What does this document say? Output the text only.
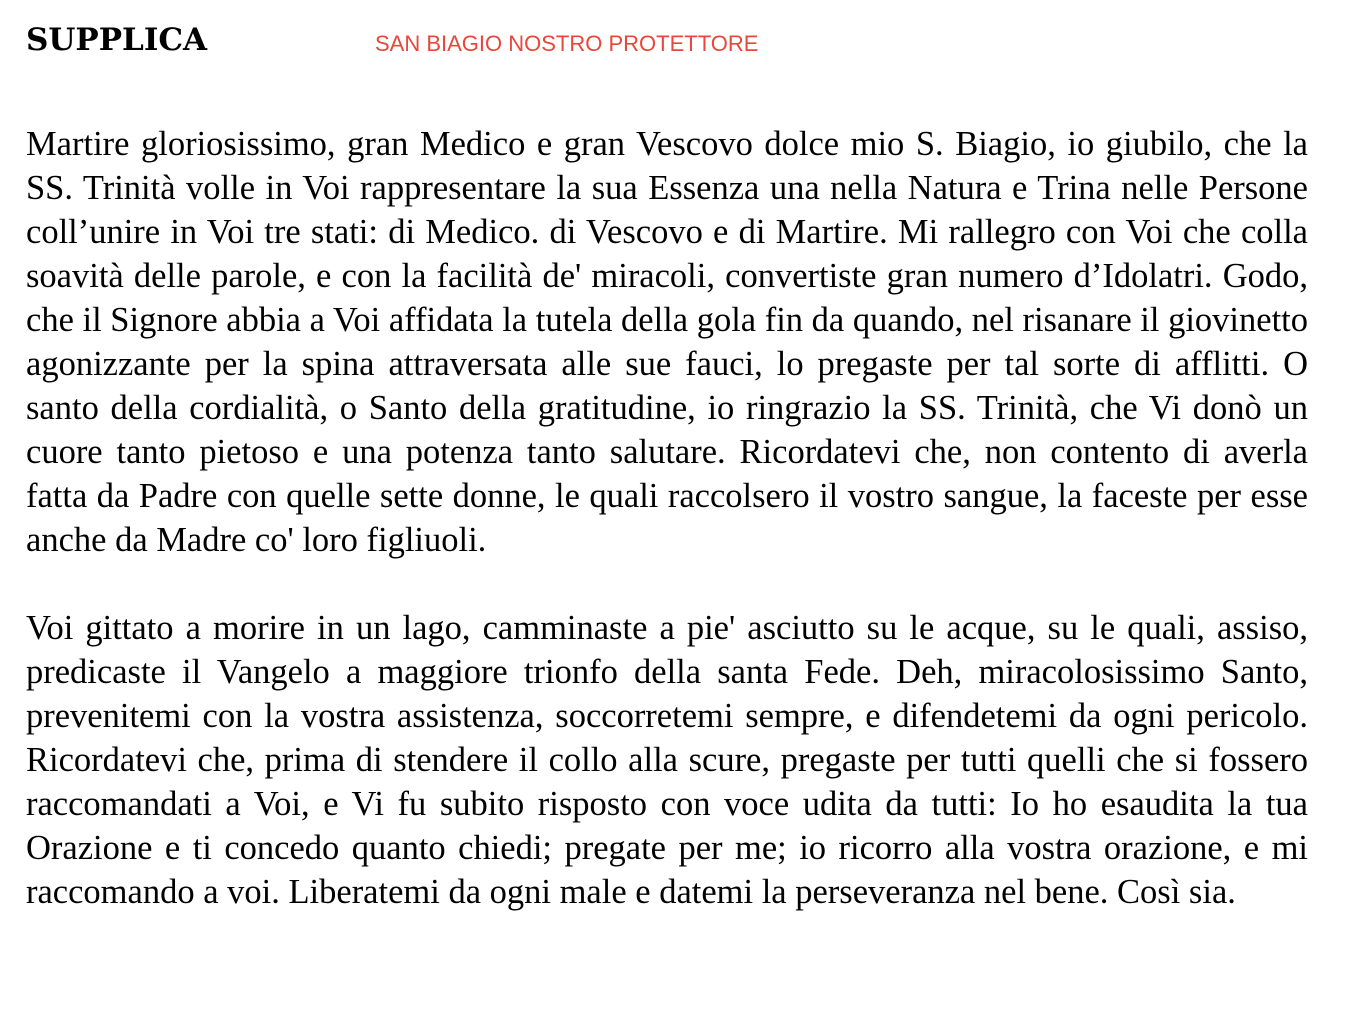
SUPPLICA	SAN BIAGIO NOSTRO PROTETTORE

Martire gloriosissimo, gran Medico e gran Vescovo dolce mio S. Biagio, io giubilo, che la SS. Trinità volle in Voi rappresentare la sua Essenza una nella Natura e Trina nelle Persone coll’unire in Voi tre stati: di Medico. di Vescovo e di Martire. Mi rallegro con Voi che colla soavità delle parole, e con la facilità de' miracoli, convertiste gran numero d’Idolatri. Godo, che il Signore abbia a Voi affidata la tutela della gola fin da quando, nel risanare il giovinetto agonizzante per la spina attraversata alle sue fauci, lo pregaste per tal sorte di afflitti. O santo della cordialità, o Santo della gratitudine, io ringrazio la SS. Trinità, che Vi donò un cuore tanto pietoso e una potenza tanto salutare. Ricordatevi che, non contento di averla fatta da Padre con quelle sette donne, le quali raccolsero il vostro sangue, la faceste per esse anche da Madre co' loro figliuoli.

Voi gittato a morire in un lago, camminaste a pie' asciutto su le acque, su le quali, assiso, predicaste il Vangelo a maggiore trionfo della santa Fede. Deh, miracolosissimo Santo, prevenitemi con la vostra assistenza, soccorretemi sempre, e difendetemi da ogni pericolo. Ricordatevi che, prima di stendere il collo alla scure, pregaste per tutti quelli che si fossero raccomandati a Voi, e Vi fu subito risposto con voce udita da tutti: Io ho esaudita la tua Orazione e ti concedo quanto chiedi; pregate per me; io ricorro alla vostra orazione, e mi raccomando a voi. Liberatemi da ogni male e datemi la perseveranza nel bene. Così sia.
